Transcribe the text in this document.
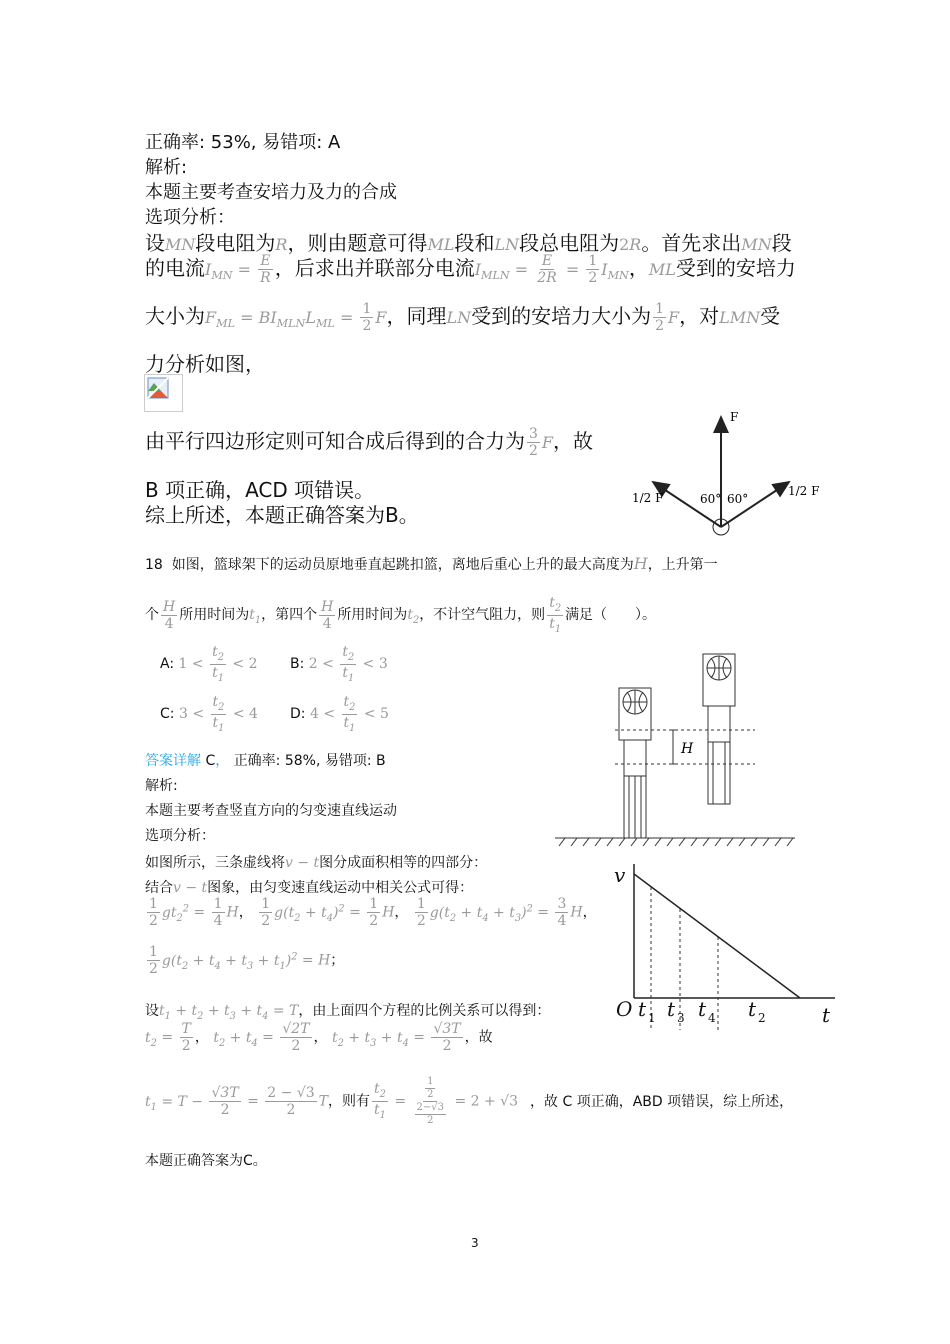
正确率: 53%, 易错项: A
解析:
本题主要考查安培力及力的合成
选项分析：
设MN段电阻为R，则由题意可得ML段和LN段总电阻为2R。首先求出MN段
的电流$I_{MN} = \frac{E}{R}$ ，后求出并联部分电流$I_{MLN} = \frac{E}{2R} = \frac{1}{2} I_{MN}$，ML受到的安培力
大小为$F_{ML} = BI_{MLN}L_{ML} = \frac{1}{2}$ F，同理LN受到的安培力大小为 $\frac{1}{2}$ F，对LMN受
力分析如图，
由平行四边形定则可知合成后得到的合力为 $\frac{3}{2}$ F，故
B 项正确，ACD 项错误。
综上所述，本题正确答案为B。
F
1/2 F	1/2 F
60° 60°
18 如图，篮球架下的运动员原地垂直起跳扣篮，离地后重心上升的最大高度为H，上升第一
个 $\frac{H}{4}$ 所用时间为$t_1$，第四个 $\frac{H}{4}$ 所用时间为$t_2$，不计空气阻力，则 $\frac{t_2}{t_1}$ 满足（　　）。
A: $1 < \frac{t_2}{t_1} < 2$ B: $2 < \frac{t_2}{t_1} < 3$
C: $3 < \frac{t_2}{t_1} < 4$ D: $4 < \frac{t_2}{t_1} < 5$
答案详解 C， 正确率: 58%, 易错项: B
解析:
本题主要考查竖直方向的匀变速直线运动
选项分析：
如图所示，三条虚线将v − t图分成面积相等的四部分：
结合v − t图象，由匀变速直线运动中相关公式可得：
$\frac{1}{2} gt_2^2 = \frac{1}{4}$ H， $\frac{1}{2} g(t_2 + t_4)^2 = \frac{1}{2}$ H， $\frac{1}{2} g(t_2 + t_4 + t_3)^2 = \frac{3}{4}$ H，
$\frac{1}{2} g(t_2 + t_4 + t_3 + t_1)^2 = H$；
设$t_1 + t_2 + t_3 + t_4 = T$，由上面四个方程的比例关系可以得到：
$t_2 = \frac{T}{2}$ ， $t_2 + t_4 = \frac{√2T}{2}$ ， $t_2 + t_3 + t_4 = \frac{√3T}{2}$ ，故
$t_1 = T - \frac{√3T}{2} = \frac{2 - √3}{2}$ T，则有 $\frac{t_2}{t_1} = \frac{\frac{1}{2}}{\frac{2-√3}{2}} = 2 + √3$ ，故 C 项正确，ABD 项错误，综上所述，
本题正确答案为C。
H
v
O t 1 t 3 t 4 t 2	t
3
